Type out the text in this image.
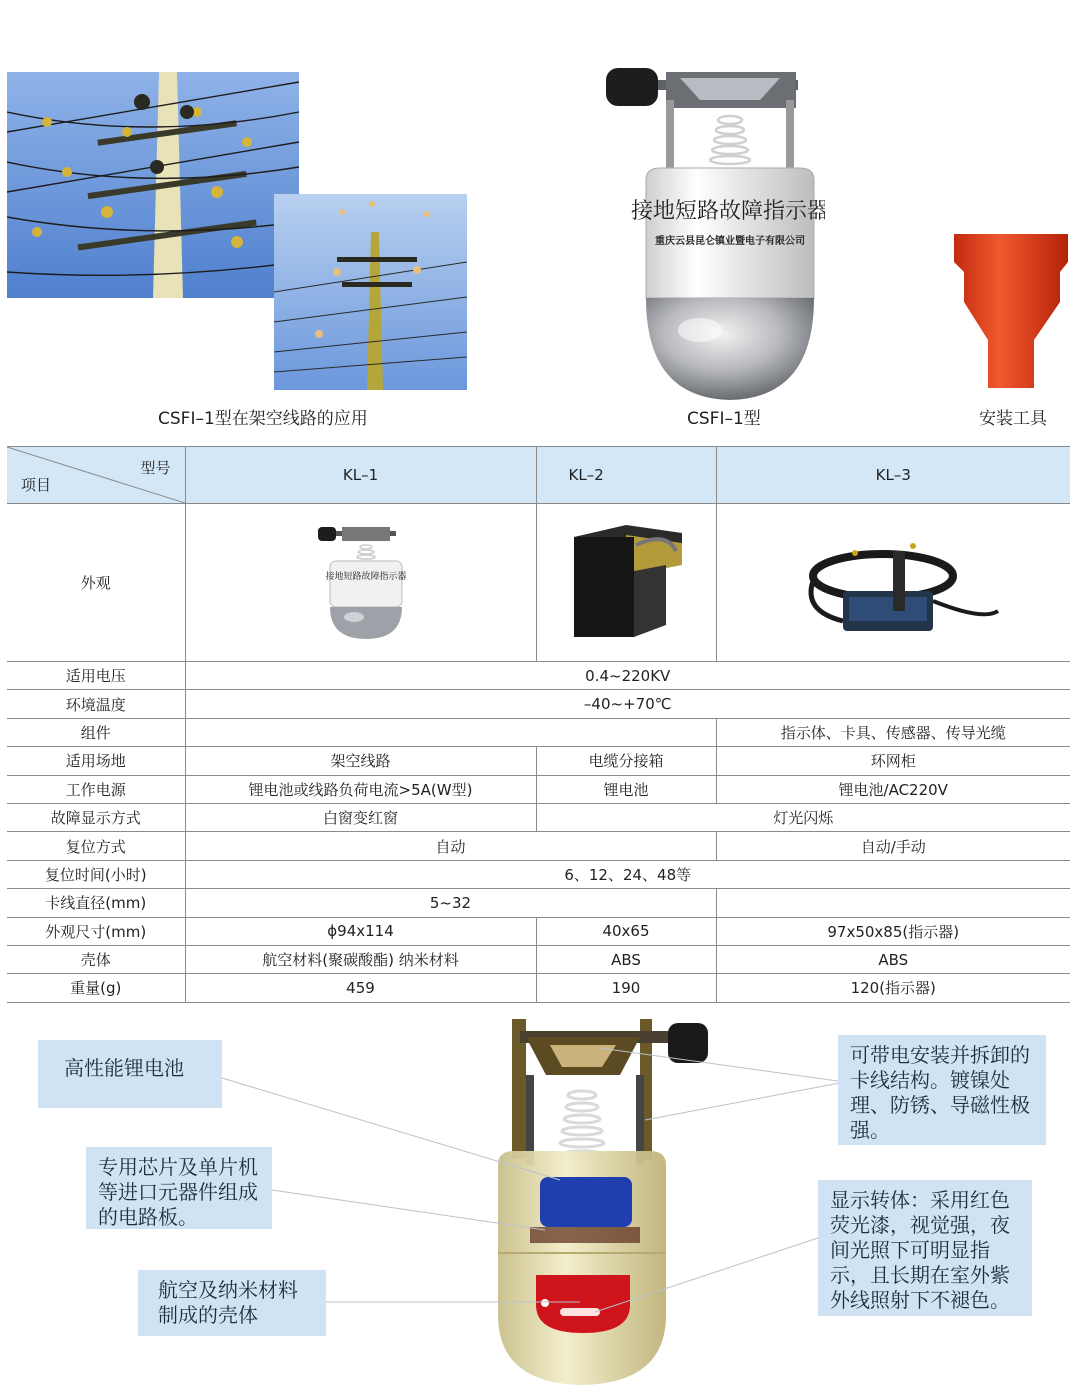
接地短路故障指示器
重庆云县昆仑镇业暨电子有限公司
CSFI–1型在架空线路的应用	CSFI–1型	安装工具
型号
项目	KL–1	KL–2	KL–3
外观	接地短路故障指示器

适用电压	0.4~220KV		
环境温度	–40~+70℃		
组件			指示体、卡具、传感器、传导光缆
适用场地	架空线路	电缆分接箱	环网柜
工作电源	锂电池或线路负荷电流>5A(W型)	锂电池	锂电池/AC220V
故障显示方式	白窗变红窗	灯光闪烁	
复位方式	自动		自动/手动
复位时间(小时)	6、12、24、48等		
卡线直径(mm)	5~32		
外观尺寸(mm)	ϕ94x114	40x65	97x50x85(指示器)
壳体	航空材料(聚碳酸酯) 纳米材料	ABS	ABS
重量(g)	459	190	120(指示器)
高性能锂电池
专用芯片及单片机等进口元器件组成的电路板。
航空及纳米材料制成的壳体
可带电安装并拆卸的卡线结构。镀镍处理、防锈、导磁性极强。
显示转体：采用红色荧光漆，视觉强，夜间光照下可明显指示，且长期在室外紫外线照射下不褪色。
